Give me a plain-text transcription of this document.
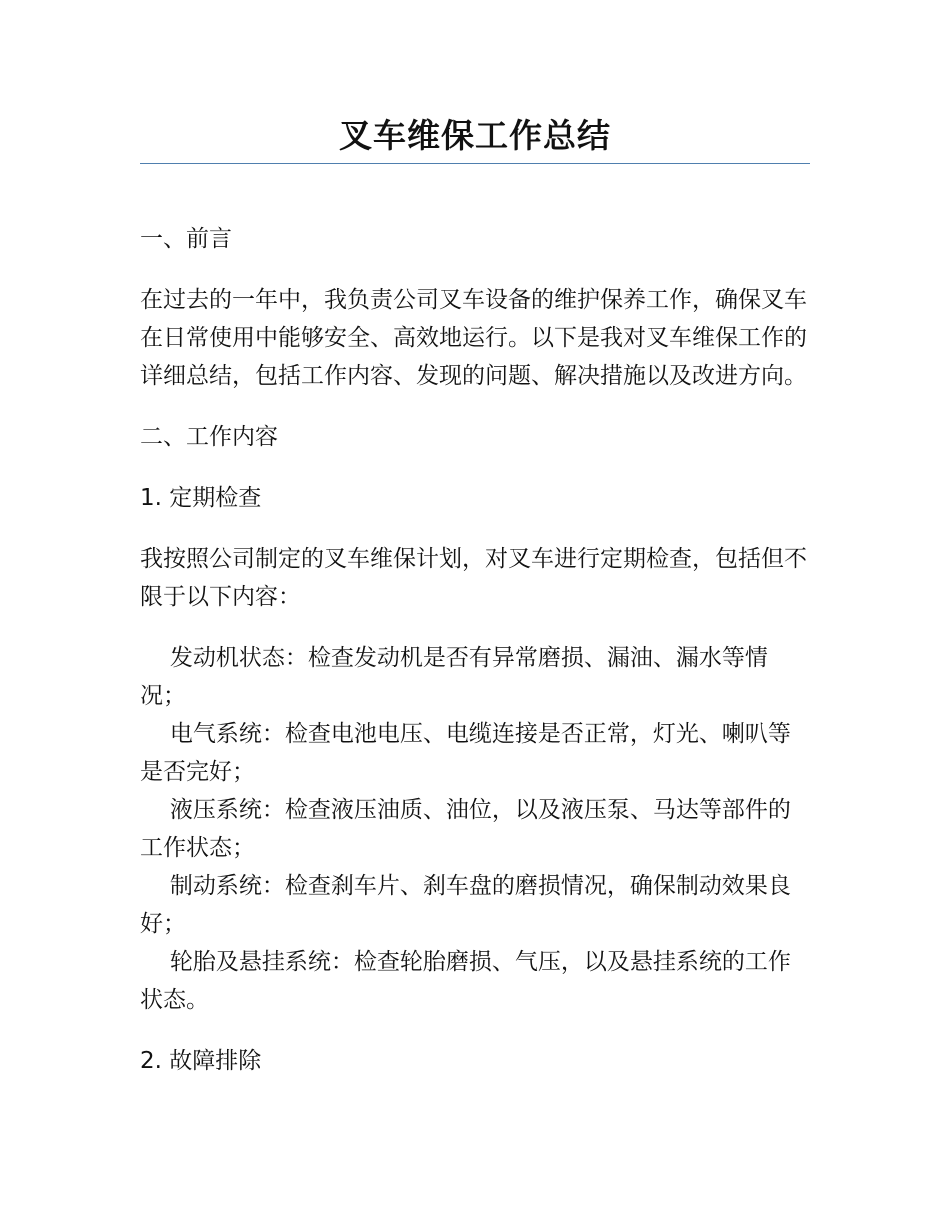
叉车维保工作总结

一、前言

在过去的一年中，我负责公司叉车设备的维护保养工作，确保叉车在日常使用中能够安全、高效地运行。以下是我对叉车维保工作的详细总结，包括工作内容、发现的问题、解决措施以及改进方向。

二、工作内容

1. 定期检查

我按照公司制定的叉车维保计划，对叉车进行定期检查，包括但不限于以下内容：

发动机状态：检查发动机是否有异常磨损、漏油、漏水等情况；

电气系统：检查电池电压、电缆连接是否正常，灯光、喇叭等是否完好；

液压系统：检查液压油质、油位，以及液压泵、马达等部件的工作状态；

制动系统：检查刹车片、刹车盘的磨损情况，确保制动效果良好；

轮胎及悬挂系统：检查轮胎磨损、气压，以及悬挂系统的工作状态。

2. 故障排除
